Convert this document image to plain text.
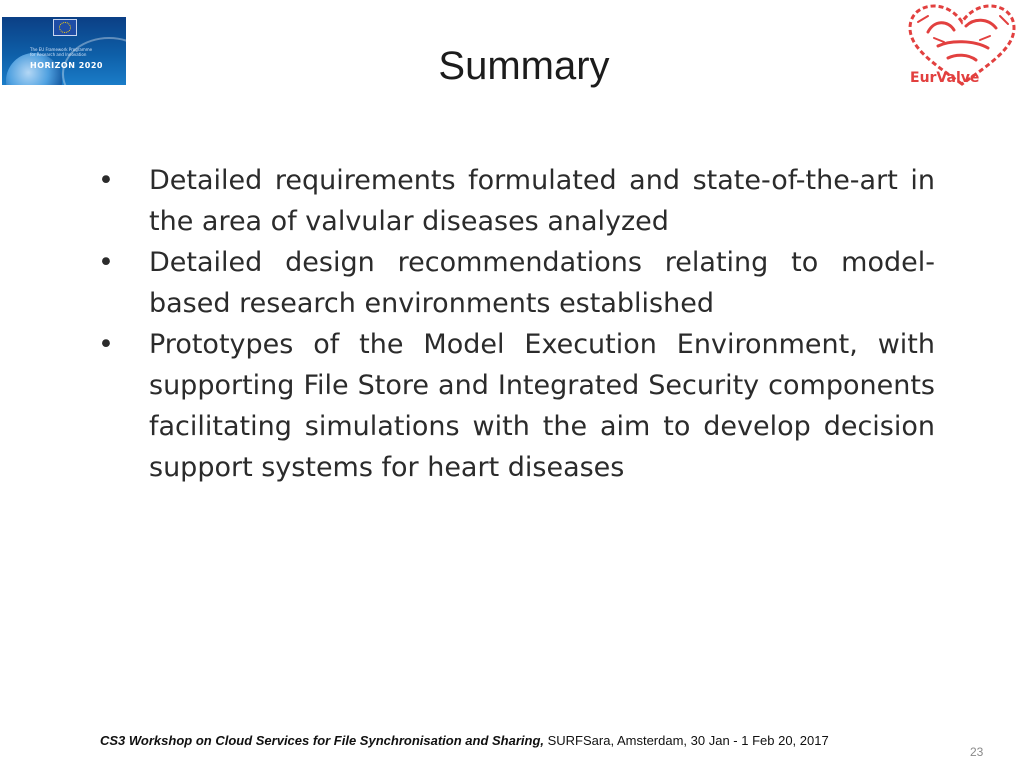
The EU Framework Programme
for Research and Innovation
HORIZON 2020
EurValve
Summary
• Detailed requirements formulated and state-of-the-art in the area of valvular diseases analyzed
• Detailed design recommendations relating to model-based research environments established
• Prototypes of the Model Execution Environment, with supporting File Store and Integrated Security components facilitating simulations with the aim to develop decision support systems for heart diseases
CS3 Workshop on Cloud Services for File Synchronisation and Sharing, SURFSara, Amsterdam, 30 Jan - 1 Feb 20, 2017
23
